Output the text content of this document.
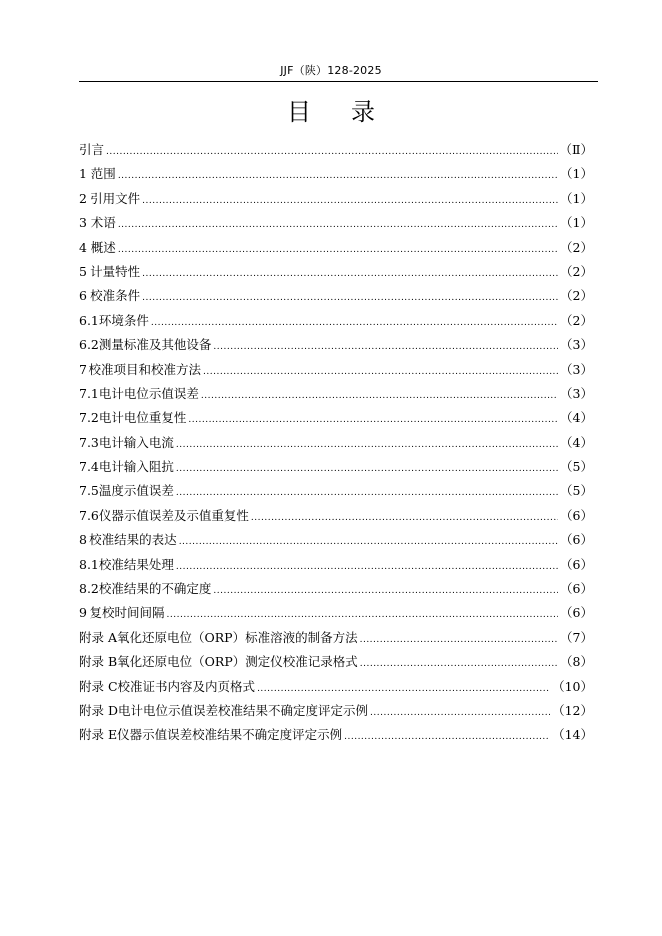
JJF（陕）128-2025
目 录
引言 .....	（Ⅱ）
1 范围 .....	（1）
2 引用文件 .....	（1）
3 术语 .....	（1）
4 概述 .....	（2）
5 计量特性 .....	（2）
6 校准条件 .....	（2）
6.1 环境条件 .....	（2）
6.2 测量标准及其他设备 .....	（3）
7 校准项目和校准方法 .....	（3）
7.1 电计电位示值误差 .....	（3）
7.2 电计电位重复性 .....	（4）
7.3 电计输入电流 .....	（4）
7.4 电计输入阻抗 .....	（5）
7.5 温度示值误差 .....	（5）
7.6 仪器示值误差及示值重复性 .....	（6）
8 校准结果的表达 .....	（6）
8.1 校准结果处理 .....	（6）
8.2 校准结果的不确定度 .....	（6）
9 复校时间间隔 .....	（6）
附录 A 氧化还原电位（ORP）标准溶液的制备方法 .....	（7）
附录 B 氧化还原电位（ORP）测定仪校准记录格式 .....	（8）
附录 C 校准证书内容及内页格式 .....	（10）
附录 D 电计电位示值误差校准结果不确定度评定示例 .....	（12）
附录 E 仪器示值误差校准结果不确定度评定示例 .....	（14）
